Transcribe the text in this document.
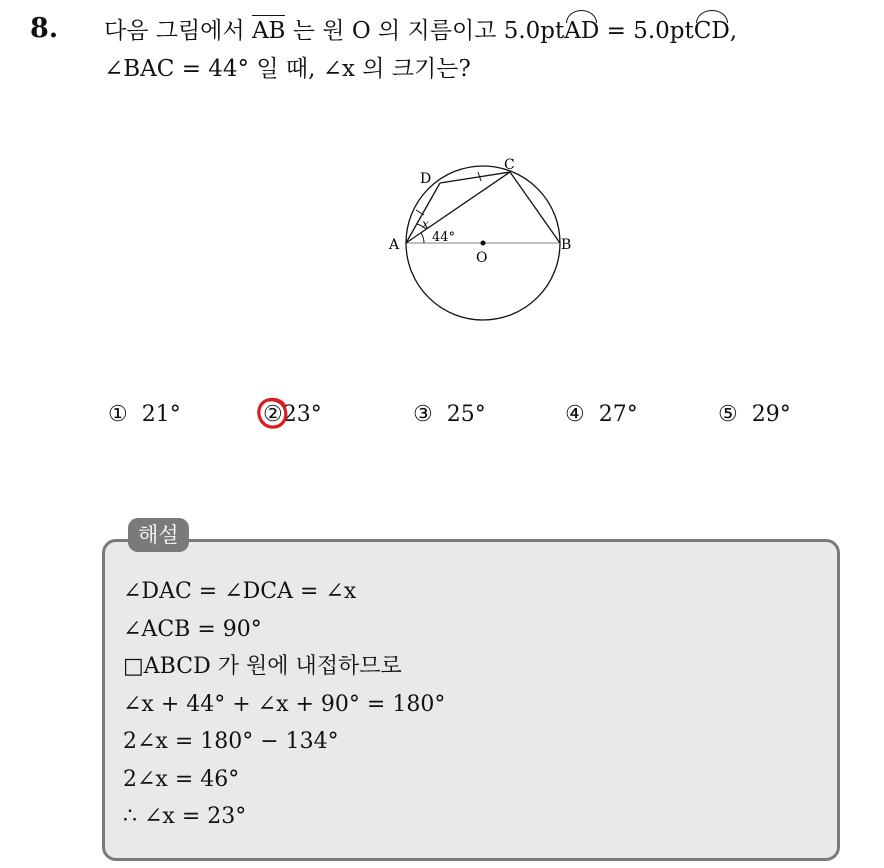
8. 다음 그림에서 AB 는 원 O 의 지름이고 5.0ptAD = 5.0ptCD,
∠BAC = 44° 일 때, ∠x 의 크기는?
A	B
C
D
O
44°
x
① 21°	②23°	③ 25°	④ 27°	⑤ 29°
해설
∠DAC = ∠DCA = ∠x
∠ACB = 90°
□ABCD 가 원에 내접하므로
∠x + 44° + ∠x + 90° = 180°
2∠x = 180° − 134°
2∠x = 46°
∴ ∠x = 23°
